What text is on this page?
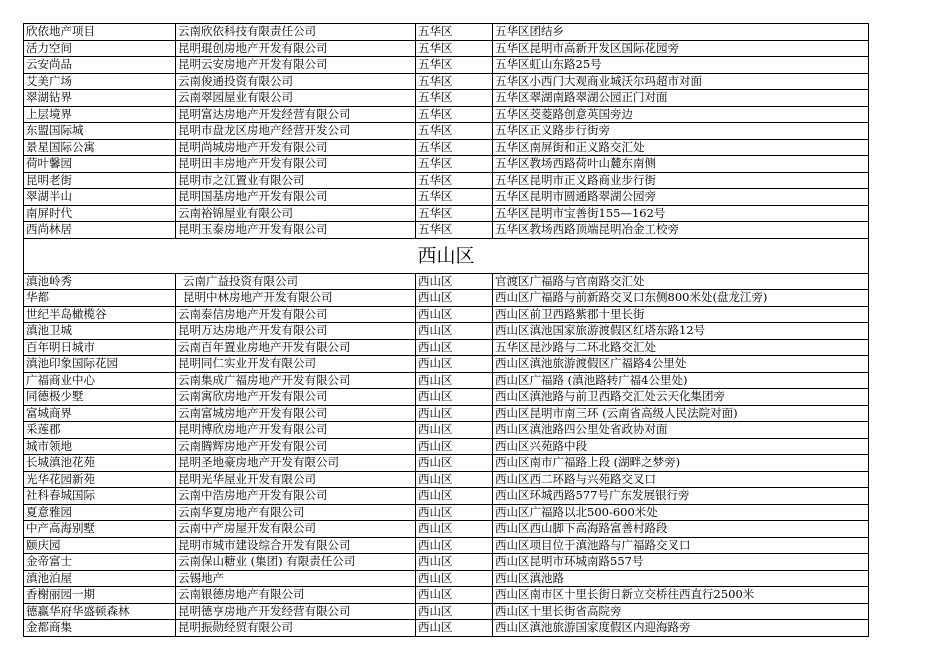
欣依地产项目	云南欣依科技有限责任公司	五华区	五华区团结乡
活力空间	昆明琨创房地产开发有限公司	五华区	五华区昆明市高新开发区国际花园旁
云安尚品	昆明云安房地产开发有限公司	五华区	五华区虹山东路25号
艾美广场	云南俊通投资有限公司	五华区	五华区小西门大观商业城沃尔玛超市对面
翠湖钻界	云南翠园屋业有限公司	五华区	五华区翠湖南路翠湖公园正门对面
上层境界	昆明富达房地产开发经营有限公司	五华区	五华区茭菱路创意英国旁边
东盟国际城	昆明市盘龙区房地产经营开发公司	五华区	五华区正义路步行街旁
景星国际公寓	昆明尚城房地产开发有限公司	五华区	五华区南屏街和正义路交汇处
荷叶馨园	昆明田丰房地产开发有限公司	五华区	五华区教场西路荷叶山麓东南侧
昆明老街	昆明市之江置业有限公司	五华区	五华区昆明市正义路商业步行街
翠湖半山	昆明国基房地产开发有限公司	五华区	五华区昆明市圆通路翠湖公园旁
南屏时代	云南裕锦屋业有限公司	五华区	五华区昆明市宝善街155—162号
西尚林居	昆明玉泰房地产开发有限公司	五华区	五华区教场西路顶端昆明冶金工校旁
西山区			
滇池岭秀	云南广益投资有限公司	西山区	官渡区广福路与官南路交汇处
华都	昆明中林房地产开发有限公司	西山区	西山区广福路与前新路交叉口东侧800米处(盘龙江旁)
世纪半岛橄榄谷	云南泰信房地产开发有限公司	西山区	西山区前卫西路紫郡十里长街
滇池卫城	昆明万达房地产开发有限公司	西山区	西山区滇池国家旅游渡假区红塔东路12号
百年明日城市	云南百年置业房地产开发有限公司	西山区	五华区昆沙路与二环北路交汇处
滇池印象国际花园	昆明同仁实业开发有限公司	西山区	西山区滇池旅游渡假区广福路4公里处
广福商业中心	云南集成广福房地产开发有限公司	西山区	西山区广福路 (滇池路转广福4公里处)
同德极少墅	云南寓欣房地产开发有限公司	西山区	西山区滇池路与前卫西路交汇处云天化集团旁
富城商界	云南富城房地产开发有限公司	西山区	西山区昆明市南三环 (云南省高级人民法院对面)
采莲郡	昆明博欣房地产开发有限公司	西山区	西山区滇池路四公里处省政协对面
城市领地	云南腾辉房地产开发有限公司	西山区	西山区兴苑路中段
长城滇池花苑	昆明圣地豪房地产开发有限公司	西山区	西山区南市广福路上段 (湖畔之梦旁)
光华花园新苑	昆明光华屋业开发有限公司	西山区	西山区西二环路与兴苑路交叉口
社科春城国际	云南中浩房地产开发有限公司	西山区	西山区环城西路577号广东发展银行旁
夏意雅园	云南华夏房地产有限公司	西山区	西山区广福路以北500-600米处
中产高海别墅	云南中产房屋开发有限公司	西山区	西山区西山脚下高海路富善村路段
颐庆园	昆明市城市建设综合开发有限公司	西山区	西山区项目位于滇池路与广福路交叉口
金帝富士	云南保山糖业 (集团) 有限责任公司	西山区	西山区昆明市环城南路557号
滇池泊屋	云锡地产	西山区	西山区滇池路
香榭丽园一期	云南银德房地产有限公司	西山区	西山区南市区十里长街日新立交桥往西直行2500米
德赢华府华盛顿森林	昆明德亨房地产开发经营有限公司	西山区	西山区十里长街省高院旁
金都商集	昆明振勋经贸有限公司	西山区	西山区滇池旅游国家度假区内迎海路旁
